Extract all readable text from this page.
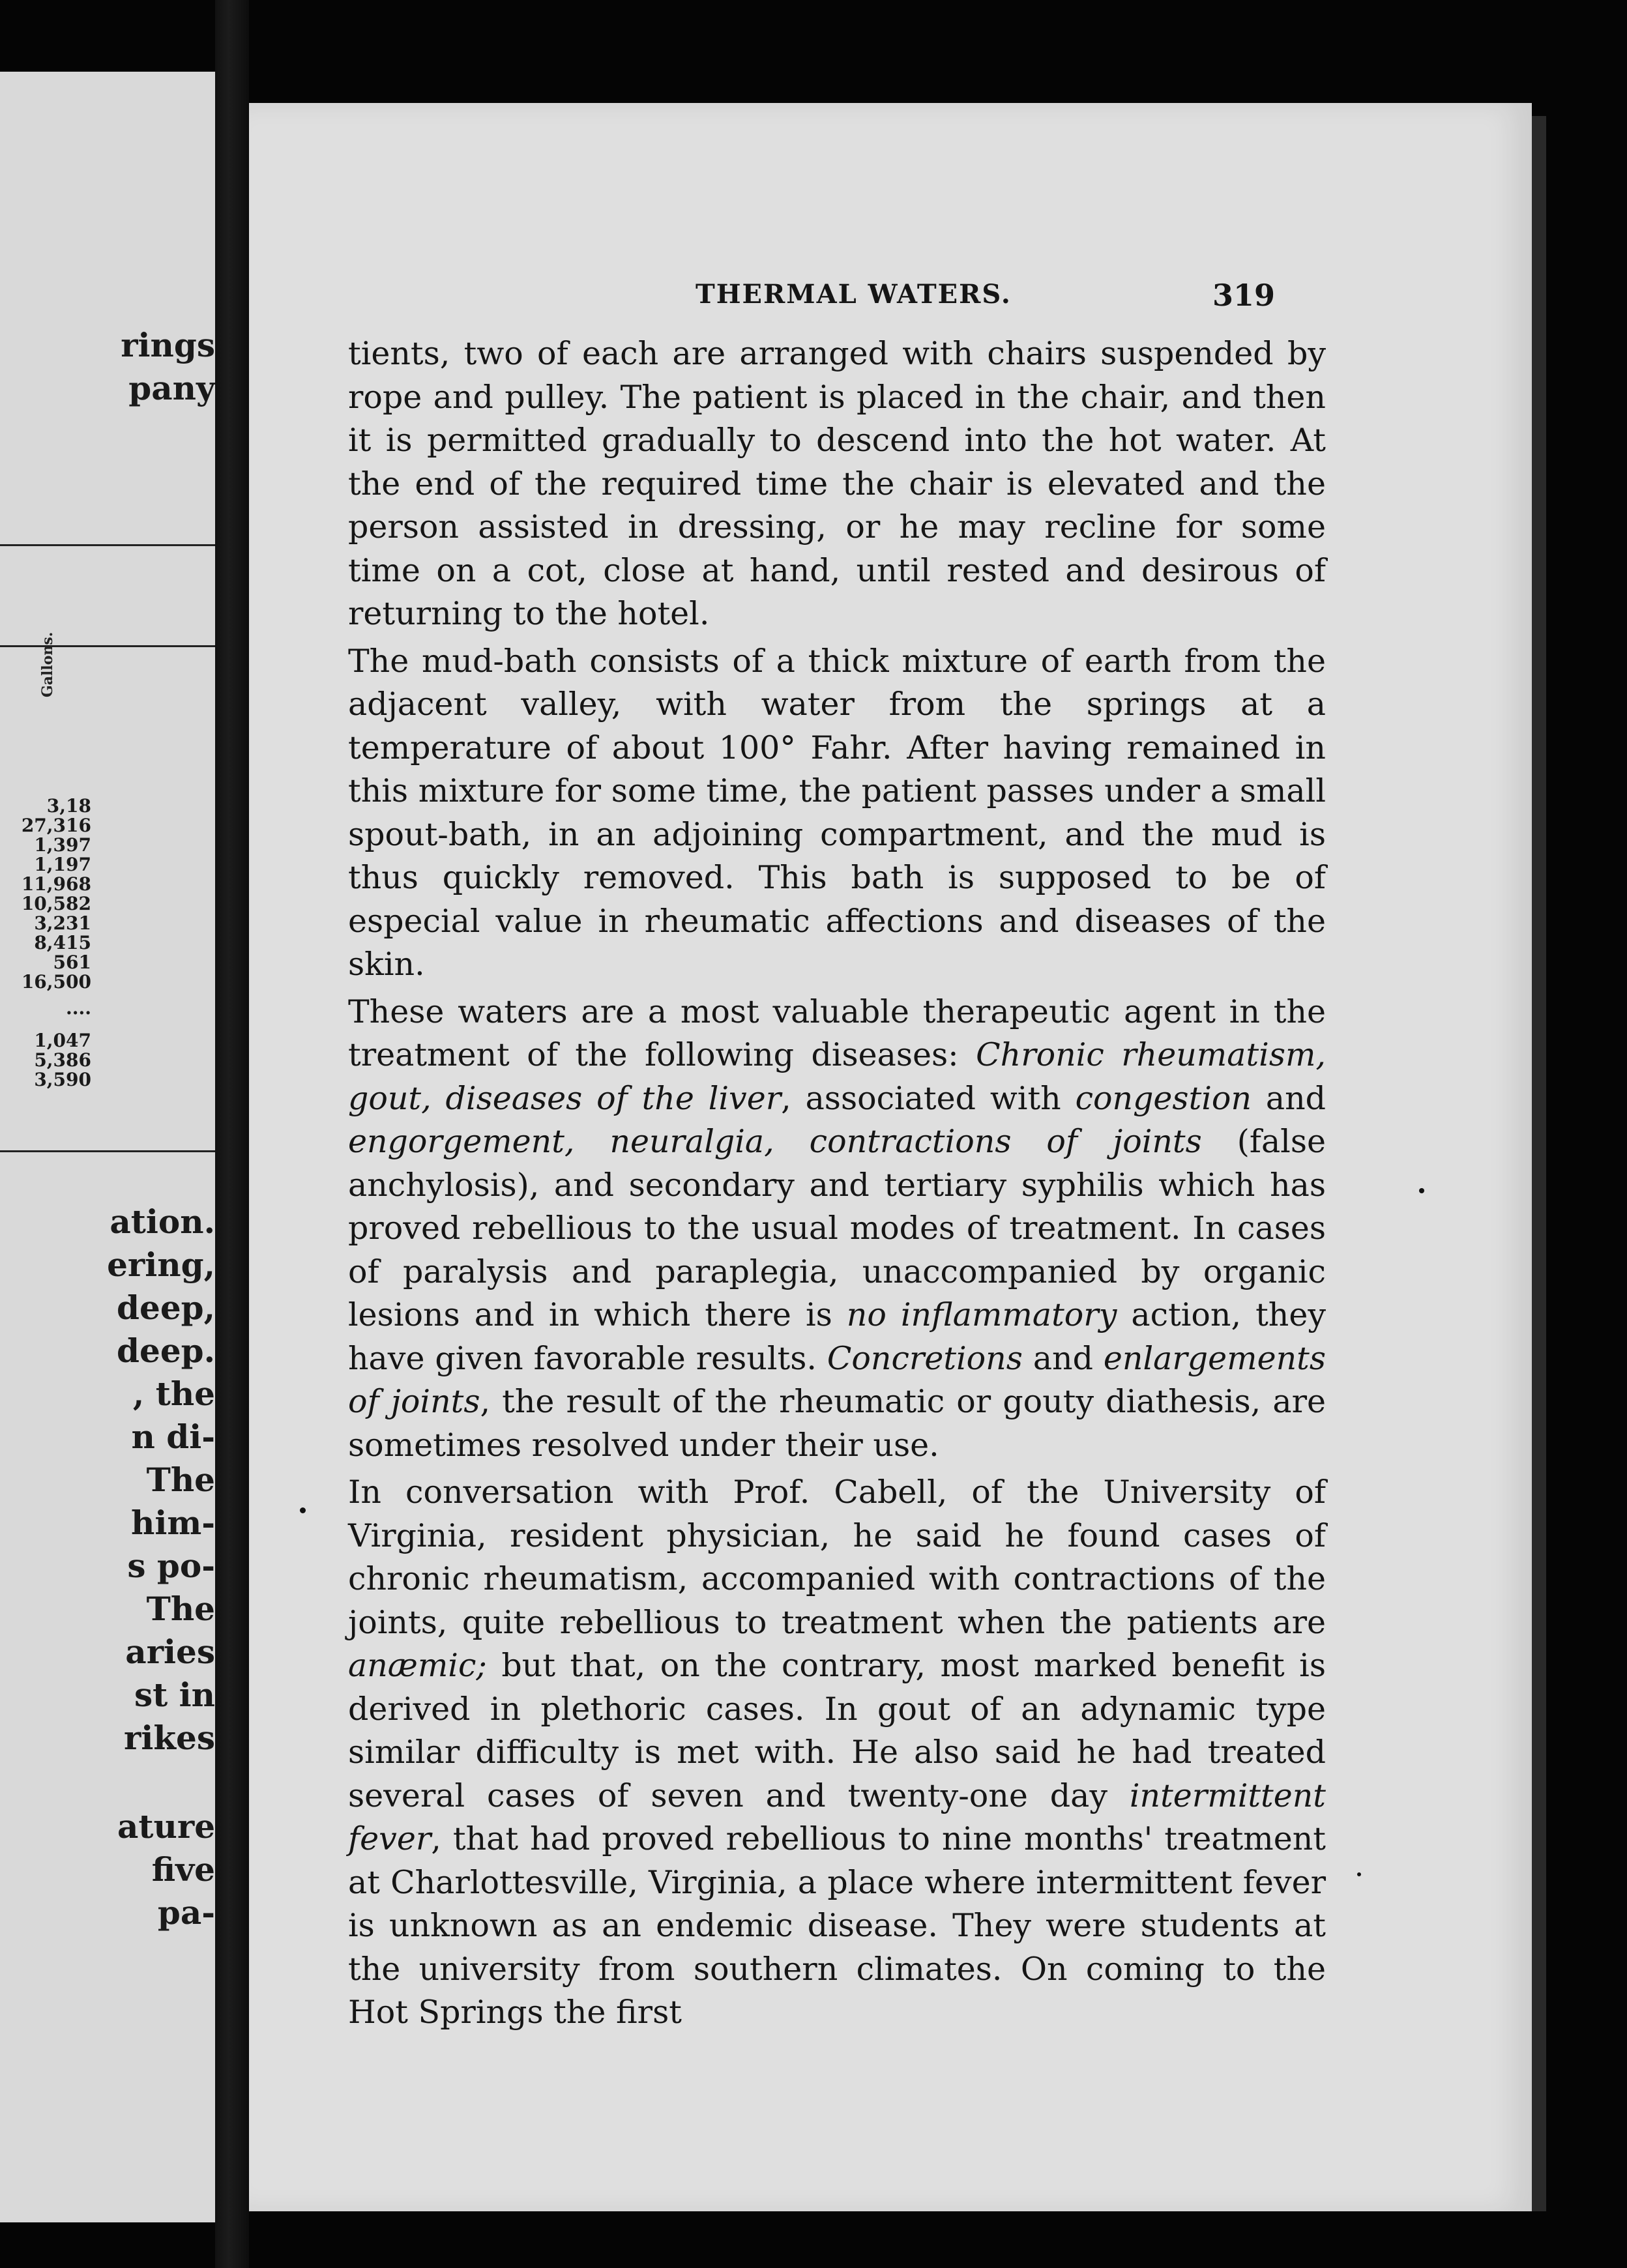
rings
pany
Gallons.
3,18
27,316
1,397
1,197
11,968
10,582
3,231
8,415
561
16,500
....
1,047
5,386
3,590
ation.
ering,
deep,
deep.
, the
n di-
The
him-
s po-
The
aries
st in
rikes
ature
five
pa-
THERMAL WATERS.	319

tients, two of each are arranged with chairs suspended by rope and pulley. The patient is placed in the chair, and then it is permitted gradually to descend into the hot water. At the end of the required time the chair is elevated and the person assisted in dressing, or he may recline for some time on a cot, close at hand, until rested and desirous of returning to the hotel.

The mud-bath consists of a thick mixture of earth from the adjacent valley, with water from the springs at a temperature of about 100° Fahr. After having remained in this mixture for some time, the patient passes under a small spout-bath, in an adjoining compartment, and the mud is thus quickly removed. This bath is supposed to be of especial value in rheumatic affections and diseases of the skin.

These waters are a most valuable therapeutic agent in the treatment of the following diseases: Chronic rheumatism, gout, diseases of the liver, associated with congestion and engorgement, neuralgia, contractions of joints (false anchylosis), and secondary and tertiary syphilis which has proved rebellious to the usual modes of treatment. In cases of paralysis and paraplegia, unaccompanied by organic lesions and in which there is no inflammatory action, they have given favorable results. Concretions and enlargements of joints, the result of the rheumatic or gouty diathesis, are sometimes resolved under their use.

In conversation with Prof. Cabell, of the University of Virginia, resident physician, he said he found cases of chronic rheumatism, accompanied with contractions of the joints, quite rebellious to treatment when the patients are anæmic; but that, on the contrary, most marked benefit is derived in plethoric cases. In gout of an adynamic type similar difficulty is met with. He also said he had treated several cases of seven and twenty-one day intermittent fever, that had proved rebellious to nine months' treatment at Charlottesville, Virginia, a place where intermittent fever is unknown as an endemic disease. They were students at the university from southern climates. On coming to the Hot Springs the first
